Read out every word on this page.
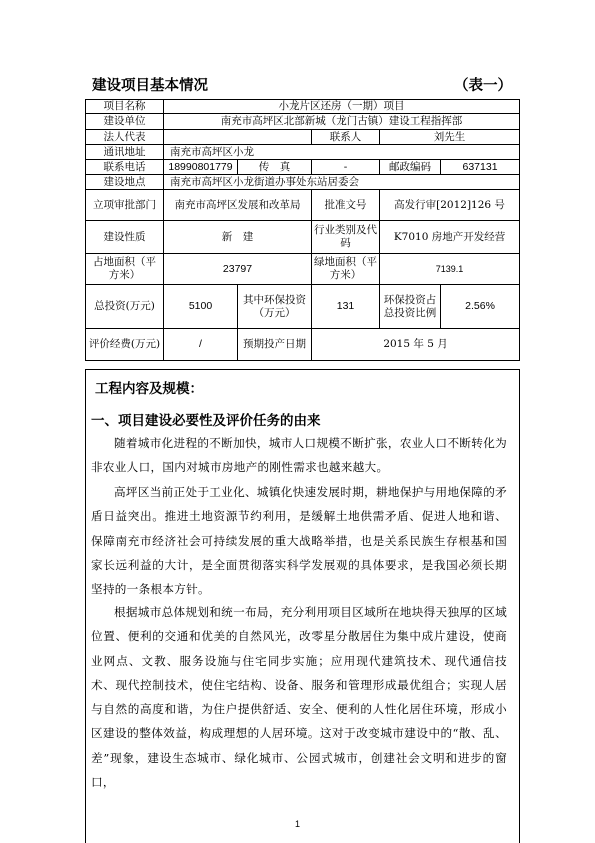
建设项目基本情况	（表一）
项目名称	小龙片区还房（一期）项目				
建设单位	南充市高坪区北部新城（龙门古镇）建设工程指挥部				
法人代表			联系人	刘先生	
通讯地址	南充市高坪区小龙				
联系电话	18990801779	传　真	-	邮政编码	637131
建设地点	南充市高坪区小龙街道办事处东站居委会				
立项审批部门	南充市高坪区发展和改革局		批准文号	高发行审[2012]126 号	
建设性质	新　建		行业类别及代码	K7010 房地产开发经营	
占地面积（平方米）	23797		绿地面积（平方米）	7139.1	
总投资(万元)	5100	其中环保投资（万元）	131	环保投资占总投资比例	2.56%
评价经费(万元)	/	预期投产日期	2015 年 5 月		
工程内容及规模：
一、项目建设必要性及评价任务的由来

随着城市化进程的不断加快，城市人口规模不断扩张，农业人口不断转化为非农业人口，国内对城市房地产的刚性需求也越来越大。

高坪区当前正处于工业化、城镇化快速发展时期，耕地保护与用地保障的矛盾日益突出。推进土地资源节约利用，是缓解土地供需矛盾、促进人地和谐、保障南充市经济社会可持续发展的重大战略举措，也是关系民族生存根基和国家长远利益的大计，是全面贯彻落实科学发展观的具体要求，是我国必须长期坚持的一条根本方针。

根据城市总体规划和统一布局，充分利用项目区域所在地块得天独厚的区域位置、便利的交通和优美的自然风光，改零星分散居住为集中成片建设，使商业网点、文教、服务设施与住宅同步实施；应用现代建筑技术、现代通信技术、现代控制技术，使住宅结构、设备、服务和管理形成最优组合；实现人居与自然的高度和谐，为住户提供舒适、安全、便利的人性化居住环境，形成小区建设的整体效益，构成理想的人居环境。这对于改变城市建设中的“散、乱、差”现象，建设生态城市、绿化城市、公园式城市，创建社会文明和进步的窗口，

1
